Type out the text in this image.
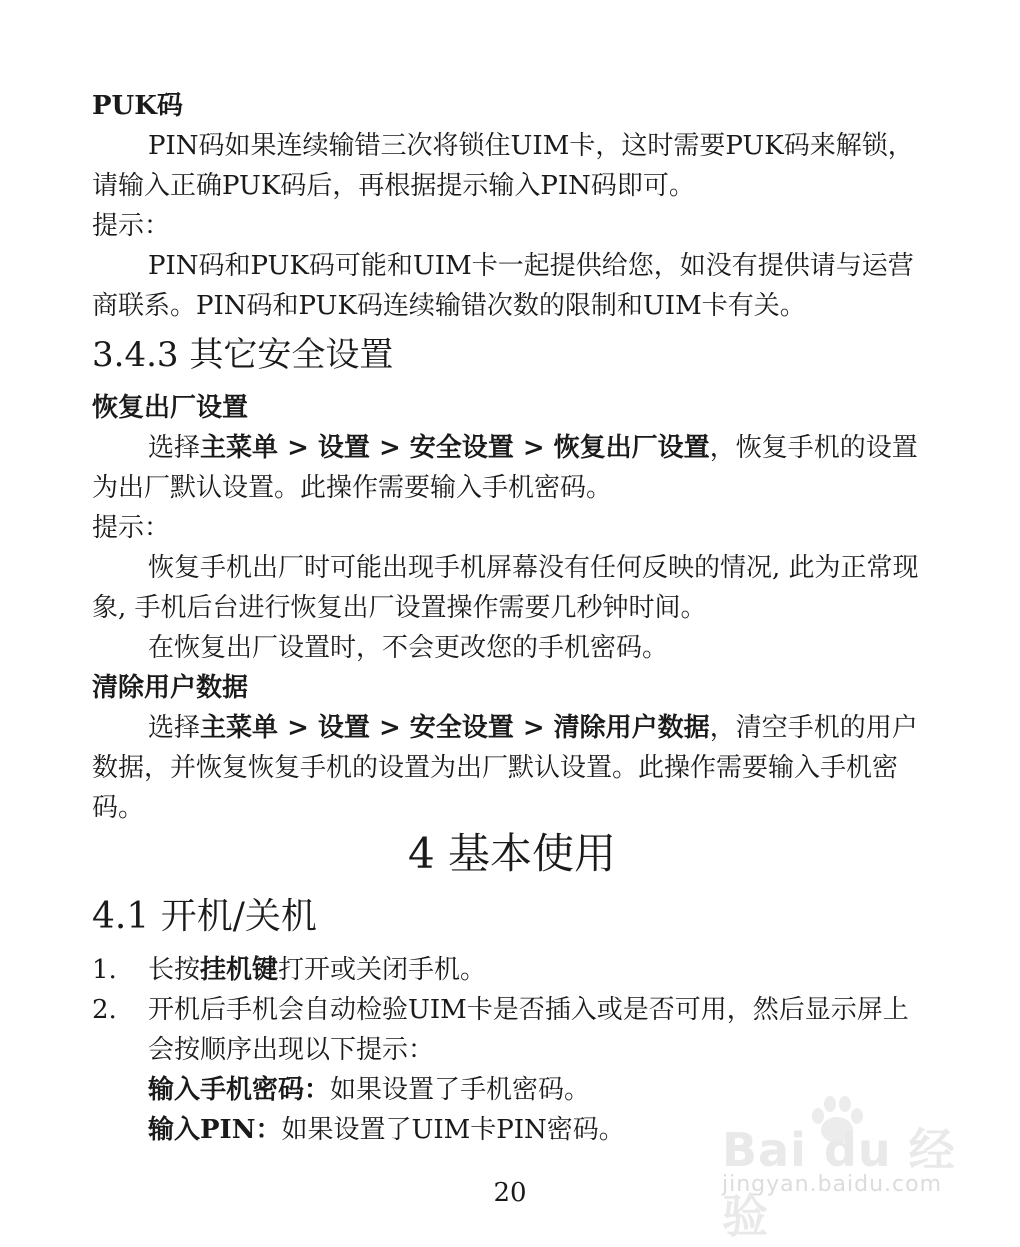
PUK码

PIN码如果连续输错三次将锁住UIM卡，这时需要PUK码来解锁，请输入正确PUK码后，再根据提示输入PIN码即可。

提示：

PIN码和PUK码可能和UIM卡一起提供给您，如没有提供请与运营商联系。PIN码和PUK码连续输错次数的限制和UIM卡有关。

3.4.3 其它安全设置

恢复出厂设置

选择主菜单 > 设置 > 安全设置 > 恢复出厂设置，恢复手机的设置为出厂默认设置。此操作需要输入手机密码。

提示：

恢复手机出厂时可能出现手机屏幕没有任何反映的情况, 此为正常现象, 手机后台进行恢复出厂设置操作需要几秒钟时间。

在恢复出厂设置时，不会更改您的手机密码。

清除用户数据

选择主菜单 > 设置 > 安全设置 > 清除用户数据，清空手机的用户数据，并恢复恢复手机的设置为出厂默认设置。此操作需要输入手机密码。

4 基本使用
4.1 开机/关机
1. 长按挂机键打开或关闭手机。
2. 开机后手机会自动检验UIM卡是否插入或是否可用，然后显示屏上会按顺序出现以下提示：
输入手机密码：如果设置了手机密码。
输入PIN：如果设置了UIM卡PIN密码。
20
Bai du 经验
jingyan.baidu.com
